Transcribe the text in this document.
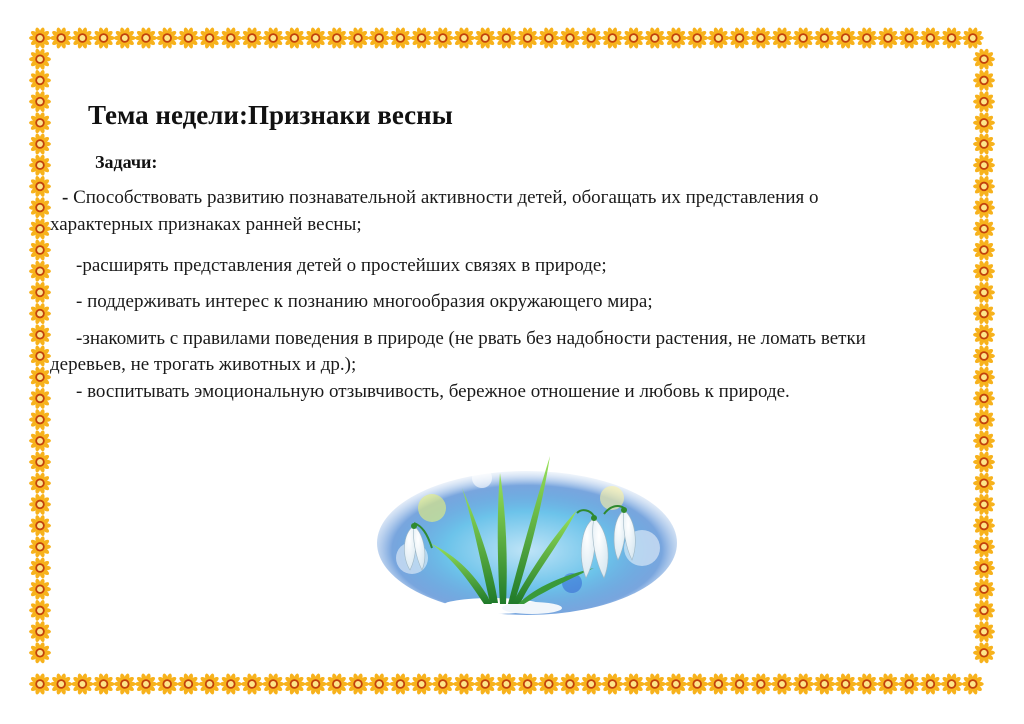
Тема недели:Признаки весны
Задачи:

- Способствовать развитию познавательной активности детей, обогащать их представления о

характерных признаках ранней весны;

-расширять представления детей о простейших связях в природе;

- поддерживать интерес к познанию многообразия окружающего мира;

-знакомить с правилами поведения в природе (не рвать без надобности растения, не ломать ветки

деревьев, не трогать животных и др.);

- воспитывать эмоциональную отзывчивость, бережное отношение и любовь к природе.
